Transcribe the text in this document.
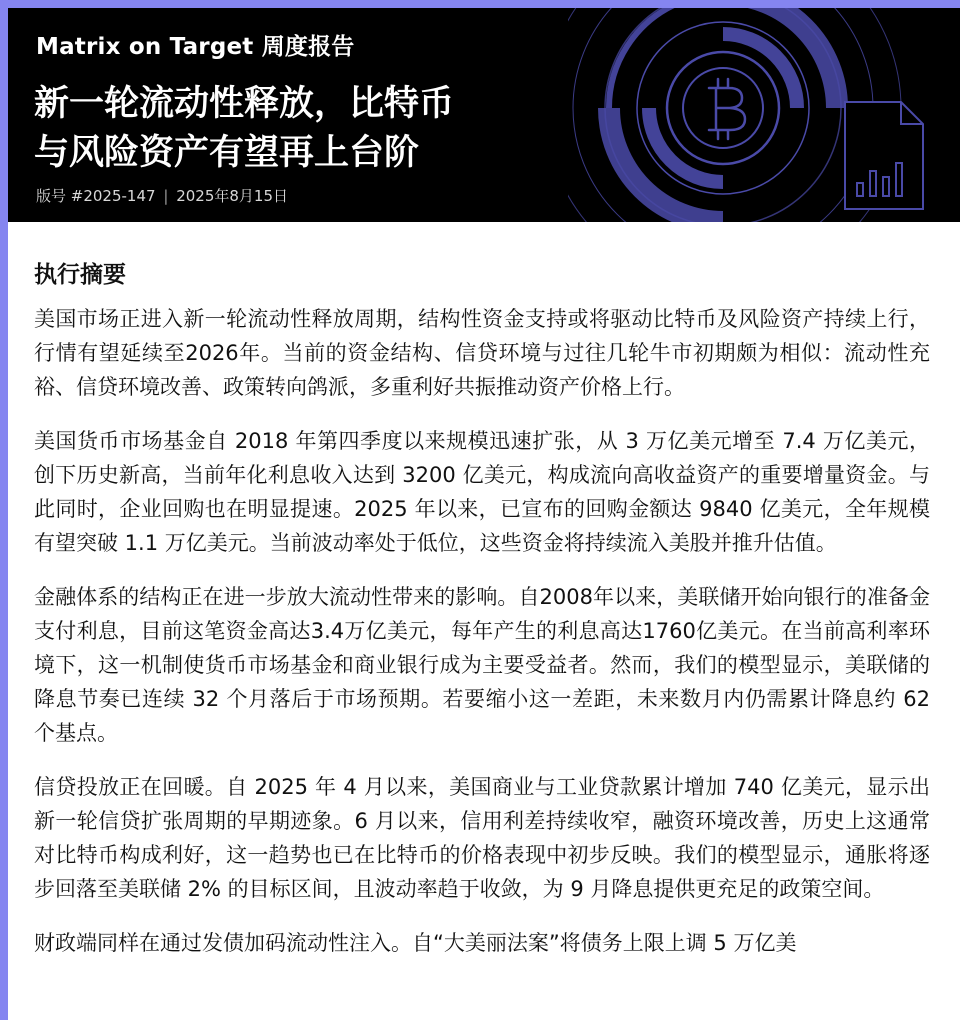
Matrix on Target 周度报告
新一轮流动性释放，比特币
与风险资产有望再上台阶
版号 #2025-147 | 2025年8月15日
执行摘要

美国市场正进入新一轮流动性释放周期，结构性资金支持或将驱动比特币及风险资产持续上行，行情有望延续至2026年。当前的资金结构、信贷环境与过往几轮牛市初期颇为相似：流动性充裕、信贷环境改善、政策转向鸽派，多重利好共振推动资产价格上行。

美国货币市场基金自 2018 年第四季度以来规模迅速扩张，从 3 万亿美元增至 7.4 万亿美元，创下历史新高，当前年化利息收入达到 3200 亿美元，构成流向高收益资产的重要增量资金。与此同时，企业回购也在明显提速。2025 年以来，已宣布的回购金额达 9840 亿美元，全年规模有望突破 1.1 万亿美元。当前波动率处于低位，这些资金将持续流入美股并推升估值。

金融体系的结构正在进一步放大流动性带来的影响。自2008年以来，美联储开始向银行的准备金支付利息，目前这笔资金高达3.4万亿美元，每年产生的利息高达1760亿美元。在当前高利率环境下，这一机制使货币市场基金和商业银行成为主要受益者。然而，我们的模型显示，美联储的降息节奏已连续 32 个月落后于市场预期。若要缩小这一差距，未来数月内仍需累计降息约 62 个基点。

信贷投放正在回暖。自 2025 年 4 月以来，美国商业与工业贷款累计增加 740 亿美元，显示出新一轮信贷扩张周期的早期迹象。6 月以来，信用利差持续收窄，融资环境改善，历史上这通常对比特币构成利好，这一趋势也已在比特币的价格表现中初步反映。我们的模型显示，通胀将逐步回落至美联储 2% 的目标区间，且波动率趋于收敛，为 9 月降息提供更充足的政策空间。

财政端同样在通过发债加码流动性注入。自“大美丽法案”将债务上限上调 5 万亿美
